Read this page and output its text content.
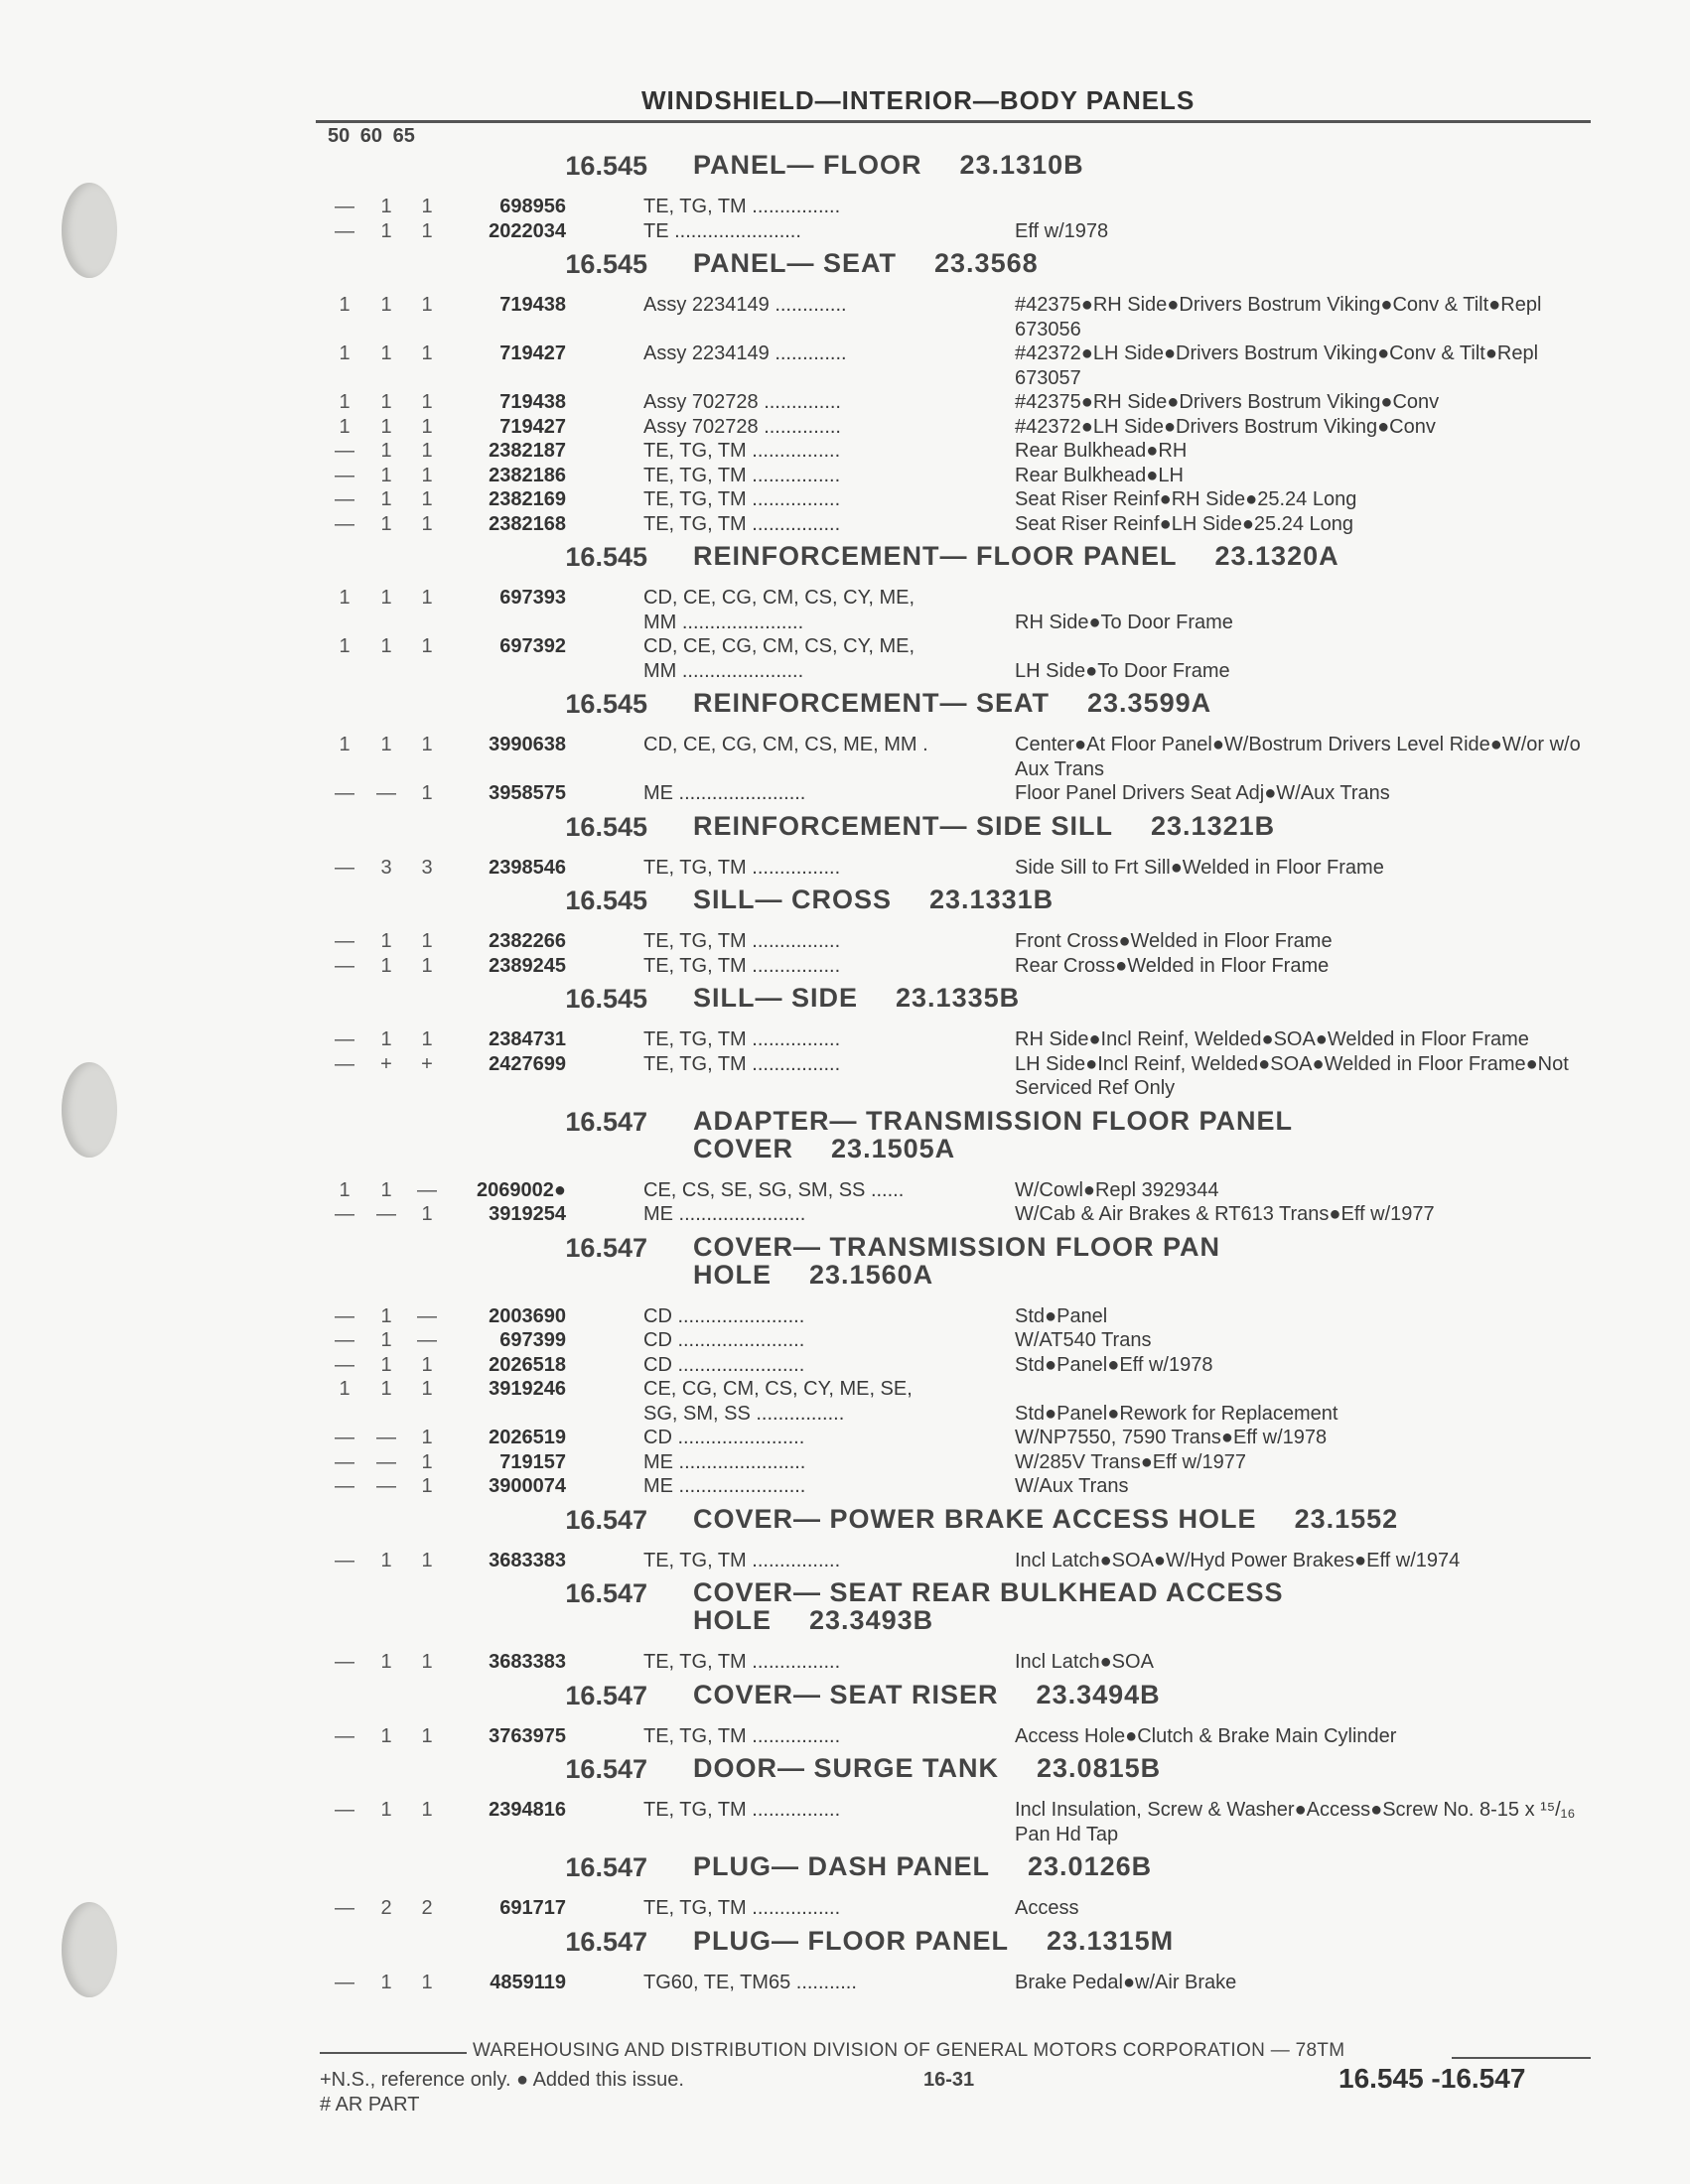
WINDSHIELD—INTERIOR—BODY PANELS
50 60 65
16.545 PANEL— FLOOR 23.1310B
—	1	1	698956	TE, TG, TM ................
—	1	1	2022034	TE .......................	Eff w/1978
16.545 PANEL— SEAT 23.3568
1	1	1	719438	Assy 2234149 .............	#42375●RH Side●Drivers Bostrum Viking●Conv & Tilt●Repl 673056
1	1	1	719427	Assy 2234149 .............	#42372●LH Side●Drivers Bostrum Viking●Conv & Tilt●Repl 673057
1	1	1	719438	Assy 702728 ..............	#42375●RH Side●Drivers Bostrum Viking●Conv
1	1	1	719427	Assy 702728 ..............	#42372●LH Side●Drivers Bostrum Viking●Conv
—	1	1	2382187	TE, TG, TM ................	Rear Bulkhead●RH
—	1	1	2382186	TE, TG, TM ................	Rear Bulkhead●LH
—	1	1	2382169	TE, TG, TM ................	Seat Riser Reinf●RH Side●25.24 Long
—	1	1	2382168	TE, TG, TM ................	Seat Riser Reinf●LH Side●25.24 Long
16.545 REINFORCEMENT— FLOOR PANEL 23.1320A
1	1	1	697393	CD, CE, CG, CM, CS, CY, ME,
MM ......................	
RH Side●To Door Frame
1	1	1	697392	CD, CE, CG, CM, CS, CY, ME,
MM ......................	
LH Side●To Door Frame
16.545 REINFORCEMENT— SEAT 23.3599A
1	1	1	3990638	CD, CE, CG, CM, CS, ME, MM .	Center●At Floor Panel●W/Bostrum Drivers Level Ride●W/or w/o Aux Trans
— —	1	3958575	ME .......................	Floor Panel Drivers Seat Adj●W/Aux Trans
16.545 REINFORCEMENT— SIDE SILL 23.1321B
—	3	3	2398546	TE, TG, TM ................	Side Sill to Frt Sill●Welded in Floor Frame
16.545 SILL— CROSS 23.1331B
—	1	1	2382266	TE, TG, TM ................	Front Cross●Welded in Floor Frame
—	1	1	2389245	TE, TG, TM ................	Rear Cross●Welded in Floor Frame
16.545 SILL— SIDE 23.1335B
—	1	1	2384731	TE, TG, TM ................	RH Side●Incl Reinf, Welded●SOA●Welded in Floor Frame
—	+	+	2427699	TE, TG, TM ................	LH Side●Incl Reinf, Welded●SOA●Welded in Floor Frame●Not Serviced Ref Only
16.547 ADAPTER— TRANSMISSION FLOOR PANEL
COVER 23.1505A
1	1	—	2069002●	CE, CS, SE, SG, SM, SS ......	W/Cowl●Repl 3929344
— —	1	3919254	ME .......................	W/Cab & Air Brakes & RT613 Trans●Eff w/1977
16.547 COVER— TRANSMISSION FLOOR PAN
HOLE 23.1560A
—	1	—	2003690	CD .......................	Std●Panel
—	1	—	697399	CD .......................	W/AT540 Trans
—	1	1	2026518	CD .......................	Std●Panel●Eff w/1978
1	1	1	3919246	CE, CG, CM, CS, CY, ME, SE,
SG, SM, SS ................	
Std●Panel●Rework for Replacement
— —	1	2026519	CD .......................	W/NP7550, 7590 Trans●Eff w/1978
— —	1	719157	ME .......................	W/285V Trans●Eff w/1977
— —	1	3900074	ME .......................	W/Aux Trans
16.547 COVER— POWER BRAKE ACCESS HOLE 23.1552
—	1	1	3683383	TE, TG, TM ................	Incl Latch●SOA●W/Hyd Power Brakes●Eff w/1974
16.547 COVER— SEAT REAR BULKHEAD ACCESS
HOLE 23.3493B
—	1	1	3683383	TE, TG, TM ................	Incl Latch●SOA
16.547 COVER— SEAT RISER 23.3494B
—	1	1	3763975	TE, TG, TM ................	Access Hole●Clutch & Brake Main Cylinder
16.547 DOOR— SURGE TANK 23.0815B
—	1	1	2394816	TE, TG, TM ................	Incl Insulation, Screw & Washer●Access●Screw No. 8-15 x ¹⁵/₁₆ Pan Hd Tap
16.547 PLUG— DASH PANEL 23.0126B
—	2	2	691717	TE, TG, TM ................	Access
16.547 PLUG— FLOOR PANEL 23.1315M
—	1	1	4859119	TG60, TE, TM65 ...........	Brake Pedal●w/Air Brake
WAREHOUSING AND DISTRIBUTION DIVISION OF GENERAL MOTORS CORPORATION — 78TM
+N.S., reference only. ● Added this issue.	16-31	16.545 -16.547
# AR PART
